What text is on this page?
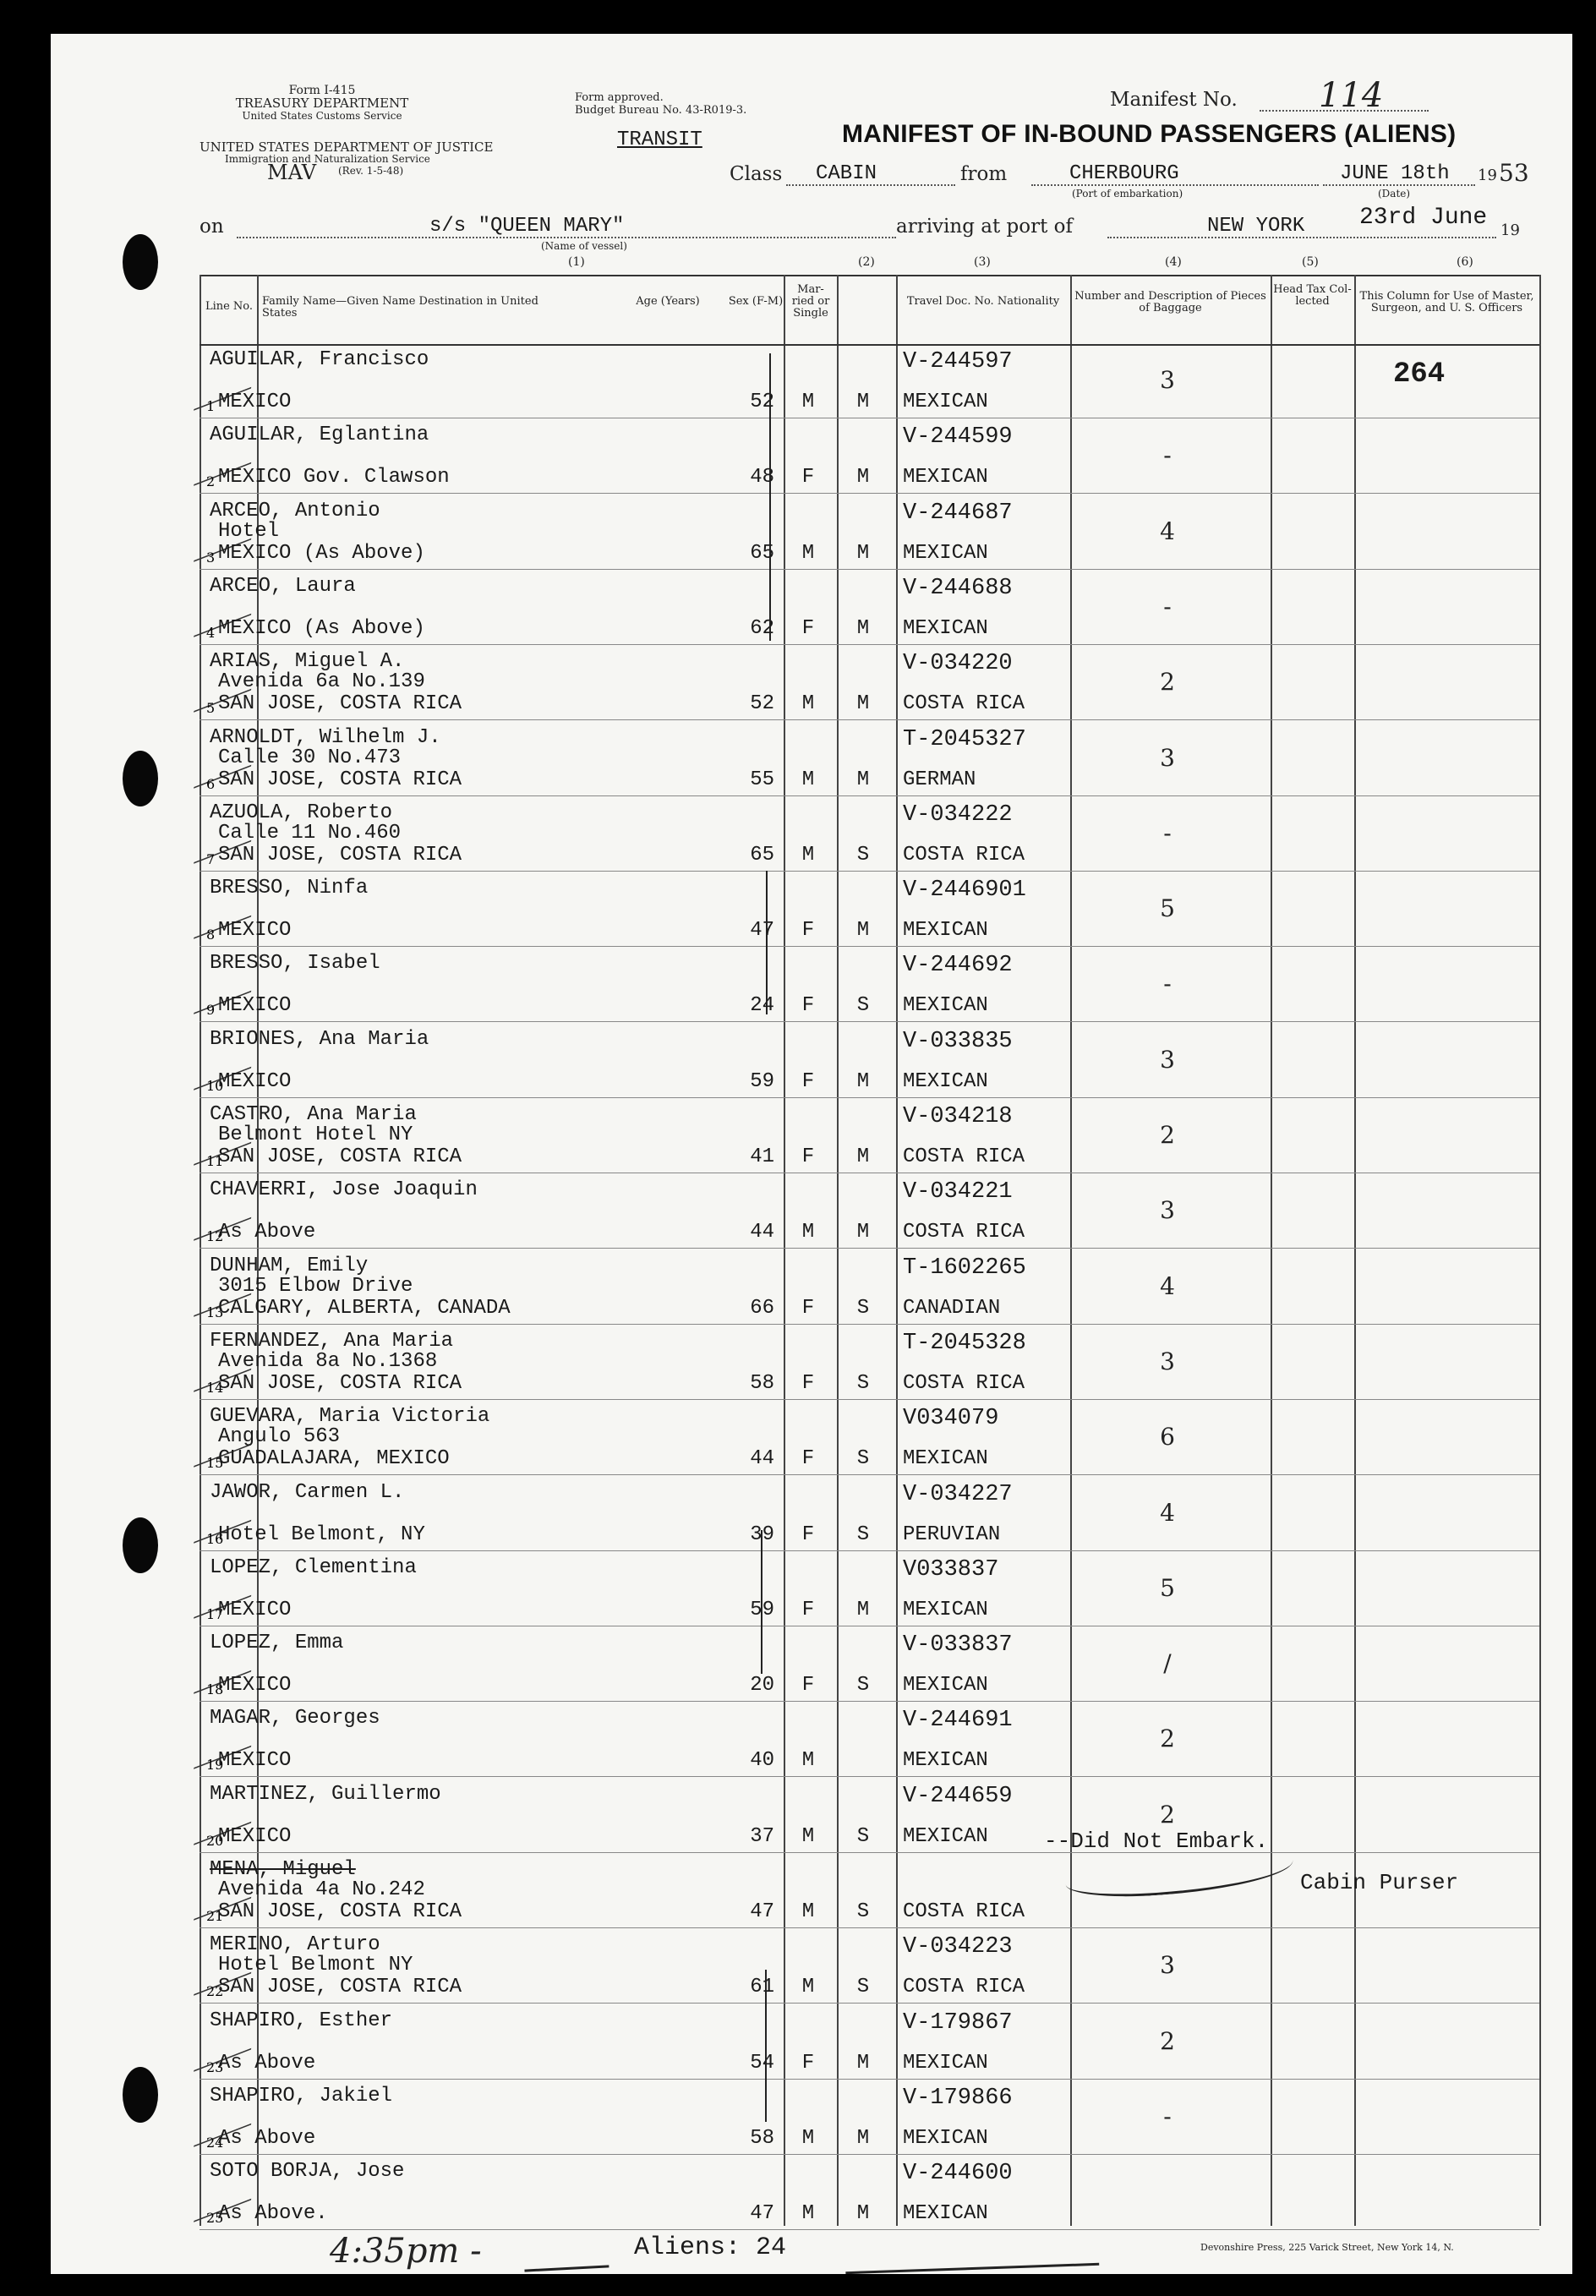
Form I-415
TREASURY DEPARTMENT
United States Customs Service
UNITED STATES DEPARTMENT OF JUSTICE
Immigration and Naturalization Service
MAV (Rev. 1-5-48)
Form approved.
Budget Bureau No. 43-R019-3.
TRANSIT
Manifest No. 114
MANIFEST OF IN-BOUND PASSENGERS (ALIENS)
Class CABIN	from	CHERBOURG
(Port of embarkation)
JUNE 18th
(Date)
19 53
on	s/s "QUEEN MARY"
(Name of vessel)
arriving at port of	NEW YORK 23rd June 19
(1)	(2)	(3)	(4)	(5)	(6)
Line No. Family Name—Given Name Destination in United States
Age (Years)	Sex (F-M)
Mar- ried or Single
Travel Doc. No. Nationality	Number and Description of Pieces of Baggage
Head Tax Col- lected	This Column for Use of Master, Surgeon, and U. S. Officers
264
1
AGUILAR, Francisco
MEXICO	52	M	M
V-244597
MEXICAN
3
2
AGUILAR, Eglantina
MEXICO Gov. Clawson	48	F	M
V-244599
MEXICAN
-
3
ARCEO, Antonio
Hotel
MEXICO (As Above)	65	M	M
V-244687
MEXICAN
4
4
ARCEO, Laura
MEXICO (As Above)	62	F	M
V-244688
MEXICAN
-
5
ARIAS, Miguel A.
Avenida 6a No.139
SAN JOSE, COSTA RICA	52	M	M
V-034220
COSTA RICA
2
6
ARNOLDT, Wilhelm J.
Calle 30 No.473
SAN JOSE, COSTA RICA	55	M	M
T-2045327
GERMAN
3
7
AZUOLA, Roberto
Calle 11 No.460
SAN JOSE, COSTA RICA	65	M	S
V-034222
COSTA RICA
-
8
BRESSO, Ninfa
MEXICO	47	F	M
V-2446901
MEXICAN
5
9
BRESSO, Isabel
MEXICO	24	F	S
V-244692
MEXICAN
-
10
BRIONES, Ana Maria
MEXICO	59	F	M
V-033835
MEXICAN
3
11
CASTRO, Ana Maria
Belmont Hotel NY
SAN JOSE, COSTA RICA	41	F	M
V-034218
COSTA RICA
2
12
CHAVERRI, Jose Joaquin
As Above	44	M	M
V-034221
COSTA RICA
3
13
DUNHAM, Emily
3015 Elbow Drive
CALGARY, ALBERTA, CANADA	66	F	S
T-1602265
CANADIAN
4
14
FERNANDEZ, Ana Maria
Avenida 8a No.1368
SAN JOSE, COSTA RICA	58	F	S
T-2045328
COSTA RICA
3
15
GUEVARA, Maria Victoria
Angulo 563
GUADALAJARA, MEXICO	44	F	S
V034079
MEXICAN
6
16
JAWOR, Carmen L.
Hotel Belmont, NY	39	F	S
V-034227
PERUVIAN
4
17
LOPEZ, Clementina
MEXICO	59	F	M
V033837
MEXICAN
5
18
LOPEZ, Emma
MEXICO	20	F	S
V-033837
MEXICAN
/
19
MAGAR, Georges
MEXICO	40	M
V-244691
MEXICAN
2
20
MARTINEZ, Guillermo
MEXICO	37	M	S
V-244659
MEXICAN
2
21
MENA, Miguel
Avenida 4a No.242
SAN JOSE, COSTA RICA	47	M	S	COSTA RICA
22
MERINO, Arturo
Hotel Belmont NY
SAN JOSE, COSTA RICA	61	M	S
V-034223
COSTA RICA
3
23
SHAPIRO, Esther
As Above	54	F	M
V-179867
MEXICAN
2
24
SHAPIRO, Jakiel
As Above	58	M	M
V-179866
MEXICAN
-
25
SOTO BORJA, Jose
As Above.	47	M	M
V-244600
MEXICAN
--Did Not Embark.
Cabin Purser
4:35pm -	Aliens: 24	Devonshire Press, 225 Varick Street, New York 14, N.
